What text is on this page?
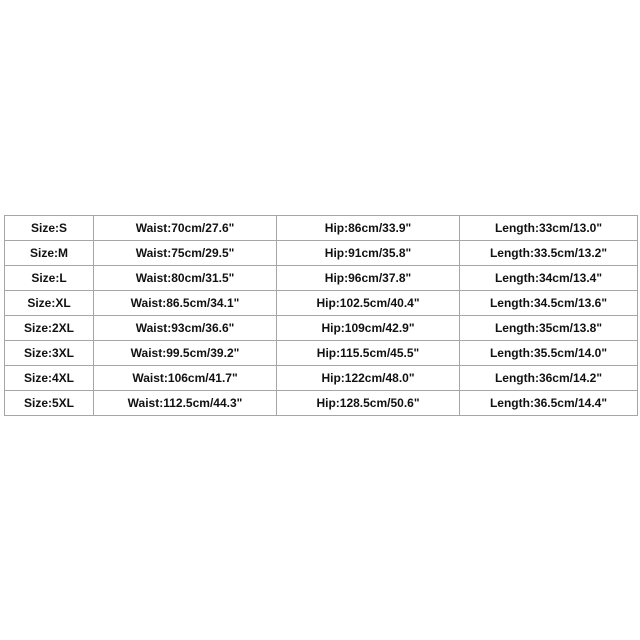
Size:S	Waist:70cm/27.6"	Hip:86cm/33.9"	Length:33cm/13.0"
Size:M	Waist:75cm/29.5"	Hip:91cm/35.8"	Length:33.5cm/13.2"
Size:L	Waist:80cm/31.5"	Hip:96cm/37.8"	Length:34cm/13.4"
Size:XL	Waist:86.5cm/34.1"	Hip:102.5cm/40.4"	Length:34.5cm/13.6"
Size:2XL	Waist:93cm/36.6"	Hip:109cm/42.9"	Length:35cm/13.8"
Size:3XL	Waist:99.5cm/39.2"	Hip:115.5cm/45.5"	Length:35.5cm/14.0"
Size:4XL	Waist:106cm/41.7"	Hip:122cm/48.0"	Length:36cm/14.2"
Size:5XL	Waist:112.5cm/44.3"	Hip:128.5cm/50.6"	Length:36.5cm/14.4"
